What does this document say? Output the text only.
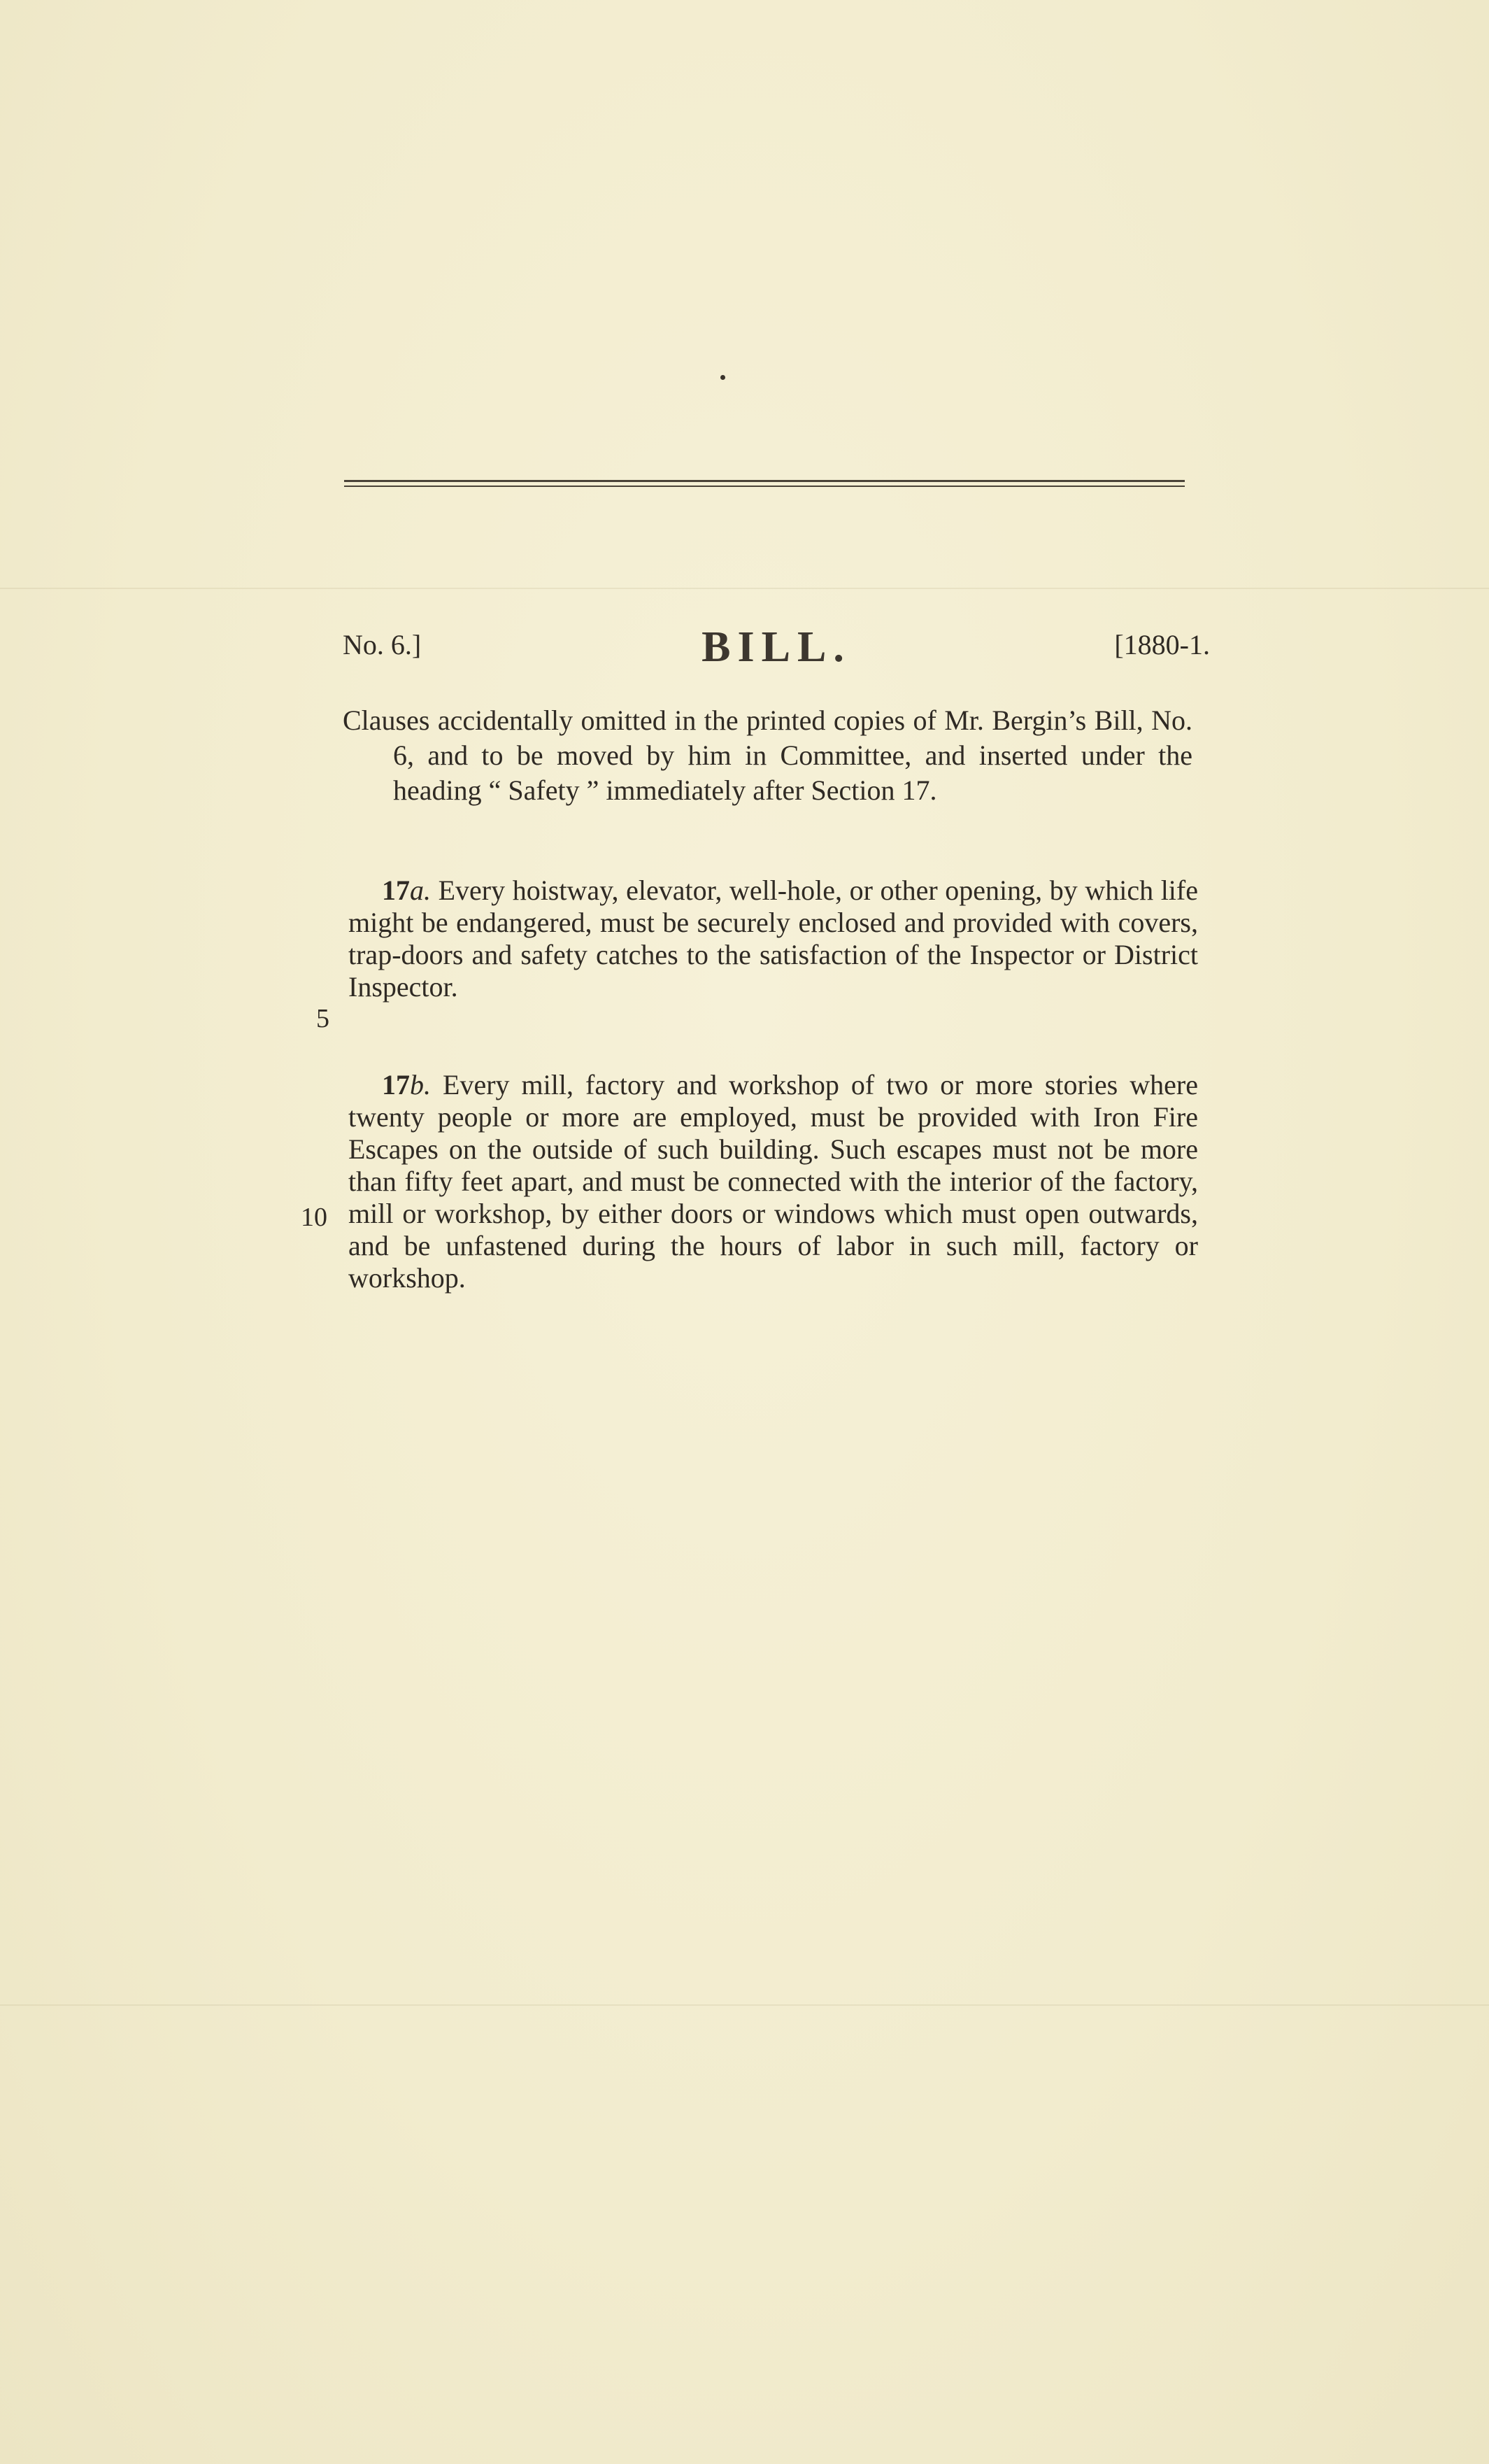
No. 6.]	BILL.	[1880-1.
Clauses accidentally omitted in the printed copies of Mr. Bergin’s Bill, No. 6, and to be moved by him in Committee, and inserted under the heading “ Safety ” immediately after Section 17.
17a. Every hoistway, elevator, well-hole, or other opening, by which life might be endangered, must be securely enclosed and provided with covers, trap-doors and safety catches to the satisfaction of the Inspector or District Inspector.
5
17b. Every mill, factory and workshop of two or more stories where twenty people or more are employed, must be provided with Iron Fire Escapes on the outside of such building. Such escapes must not be more than fifty feet apart, and must be connected with the interior of the factory, mill or workshop, by either doors or windows which must open outwards, and be unfastened during the hours of labor in such mill, factory or workshop.
10
